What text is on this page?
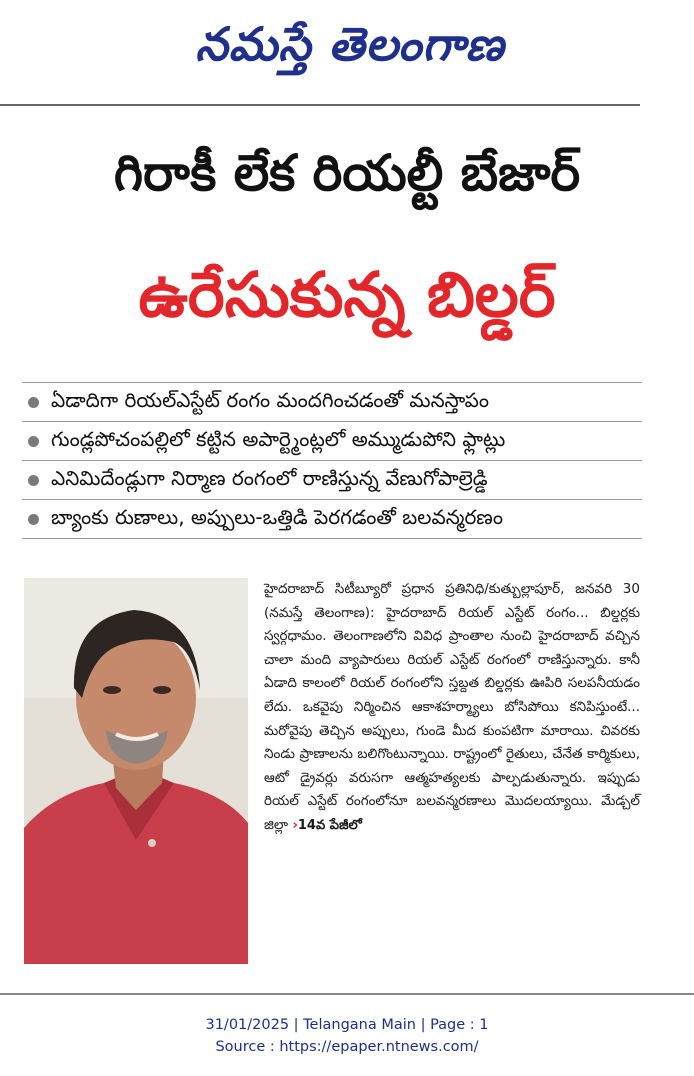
నమస్తే తెలంగాణ
గిరాకీ లేక రియల్టీ బేజార్
ఉరేసుకున్న బిల్డర్
ఏడాదిగా రియల్ఎస్టేట్ రంగం మందగించడంతో మనస్తాపం
గుండ్లపోచంపల్లిలో కట్టిన అపార్ట్మెంట్లలో అమ్ముడుపోని ఫ్లాట్లు
ఎనిమిదేండ్లుగా నిర్మాణ రంగంలో రాణిస్తున్న వేణుగోపాల్రెడ్డి
బ్యాంకు రుణాలు, అప్పులు-ఒత్తిడి పెరగడంతో బలవన్మరణం

హైదరాబాద్ సిటీబ్యూరో ప్రధాన ప్రతినిధి/కుత్బుల్లాపూర్, జనవరి 30 (నమస్తే తెలంగాణ): హైదరాబాద్ రియల్ ఎస్టేట్ రంగం... బిల్డర్లకు స్వర్గధామం. తెలంగాణలోని వివిధ ప్రాంతాల నుంచి హైదరాబాద్ వచ్చిన చాలా మంది వ్యాపారులు రియల్ ఎస్టేట్ రంగంలో రాణిస్తున్నారు. కానీ ఏడాది కాలంలో రియల్ రంగంలోని స్తబ్దత బిల్డర్లకు ఊపిరి సలపనీయడం లేదు. ఒకవైపు నిర్మించిన ఆకాశహర్మ్యాలు బోసిపోయి కనిపిస్తుంటే... మరోవైపు తెచ్చిన అప్పులు, గుండె మీద కుంపటిగా మారాయి. చివరకు నిండు ప్రాణాలను బలిగొంటున్నాయి. రాష్ట్రంలో రైతులు, చేనేత కార్మికులు, ఆటో డ్రైవర్లు వరుసగా ఆత్మహత్యలకు పాల్పడుతున్నారు. ఇప్పుడు రియల్ ఎస్టేట్ రంగంలోనూ బలవన్మరణాలు మొదలయ్యాయి. మేడ్చల్ జిల్లా ›14వ పేజీలో

31/01/2025 | Telangana Main | Page : 1
Source : https://epaper.ntnews.com/
